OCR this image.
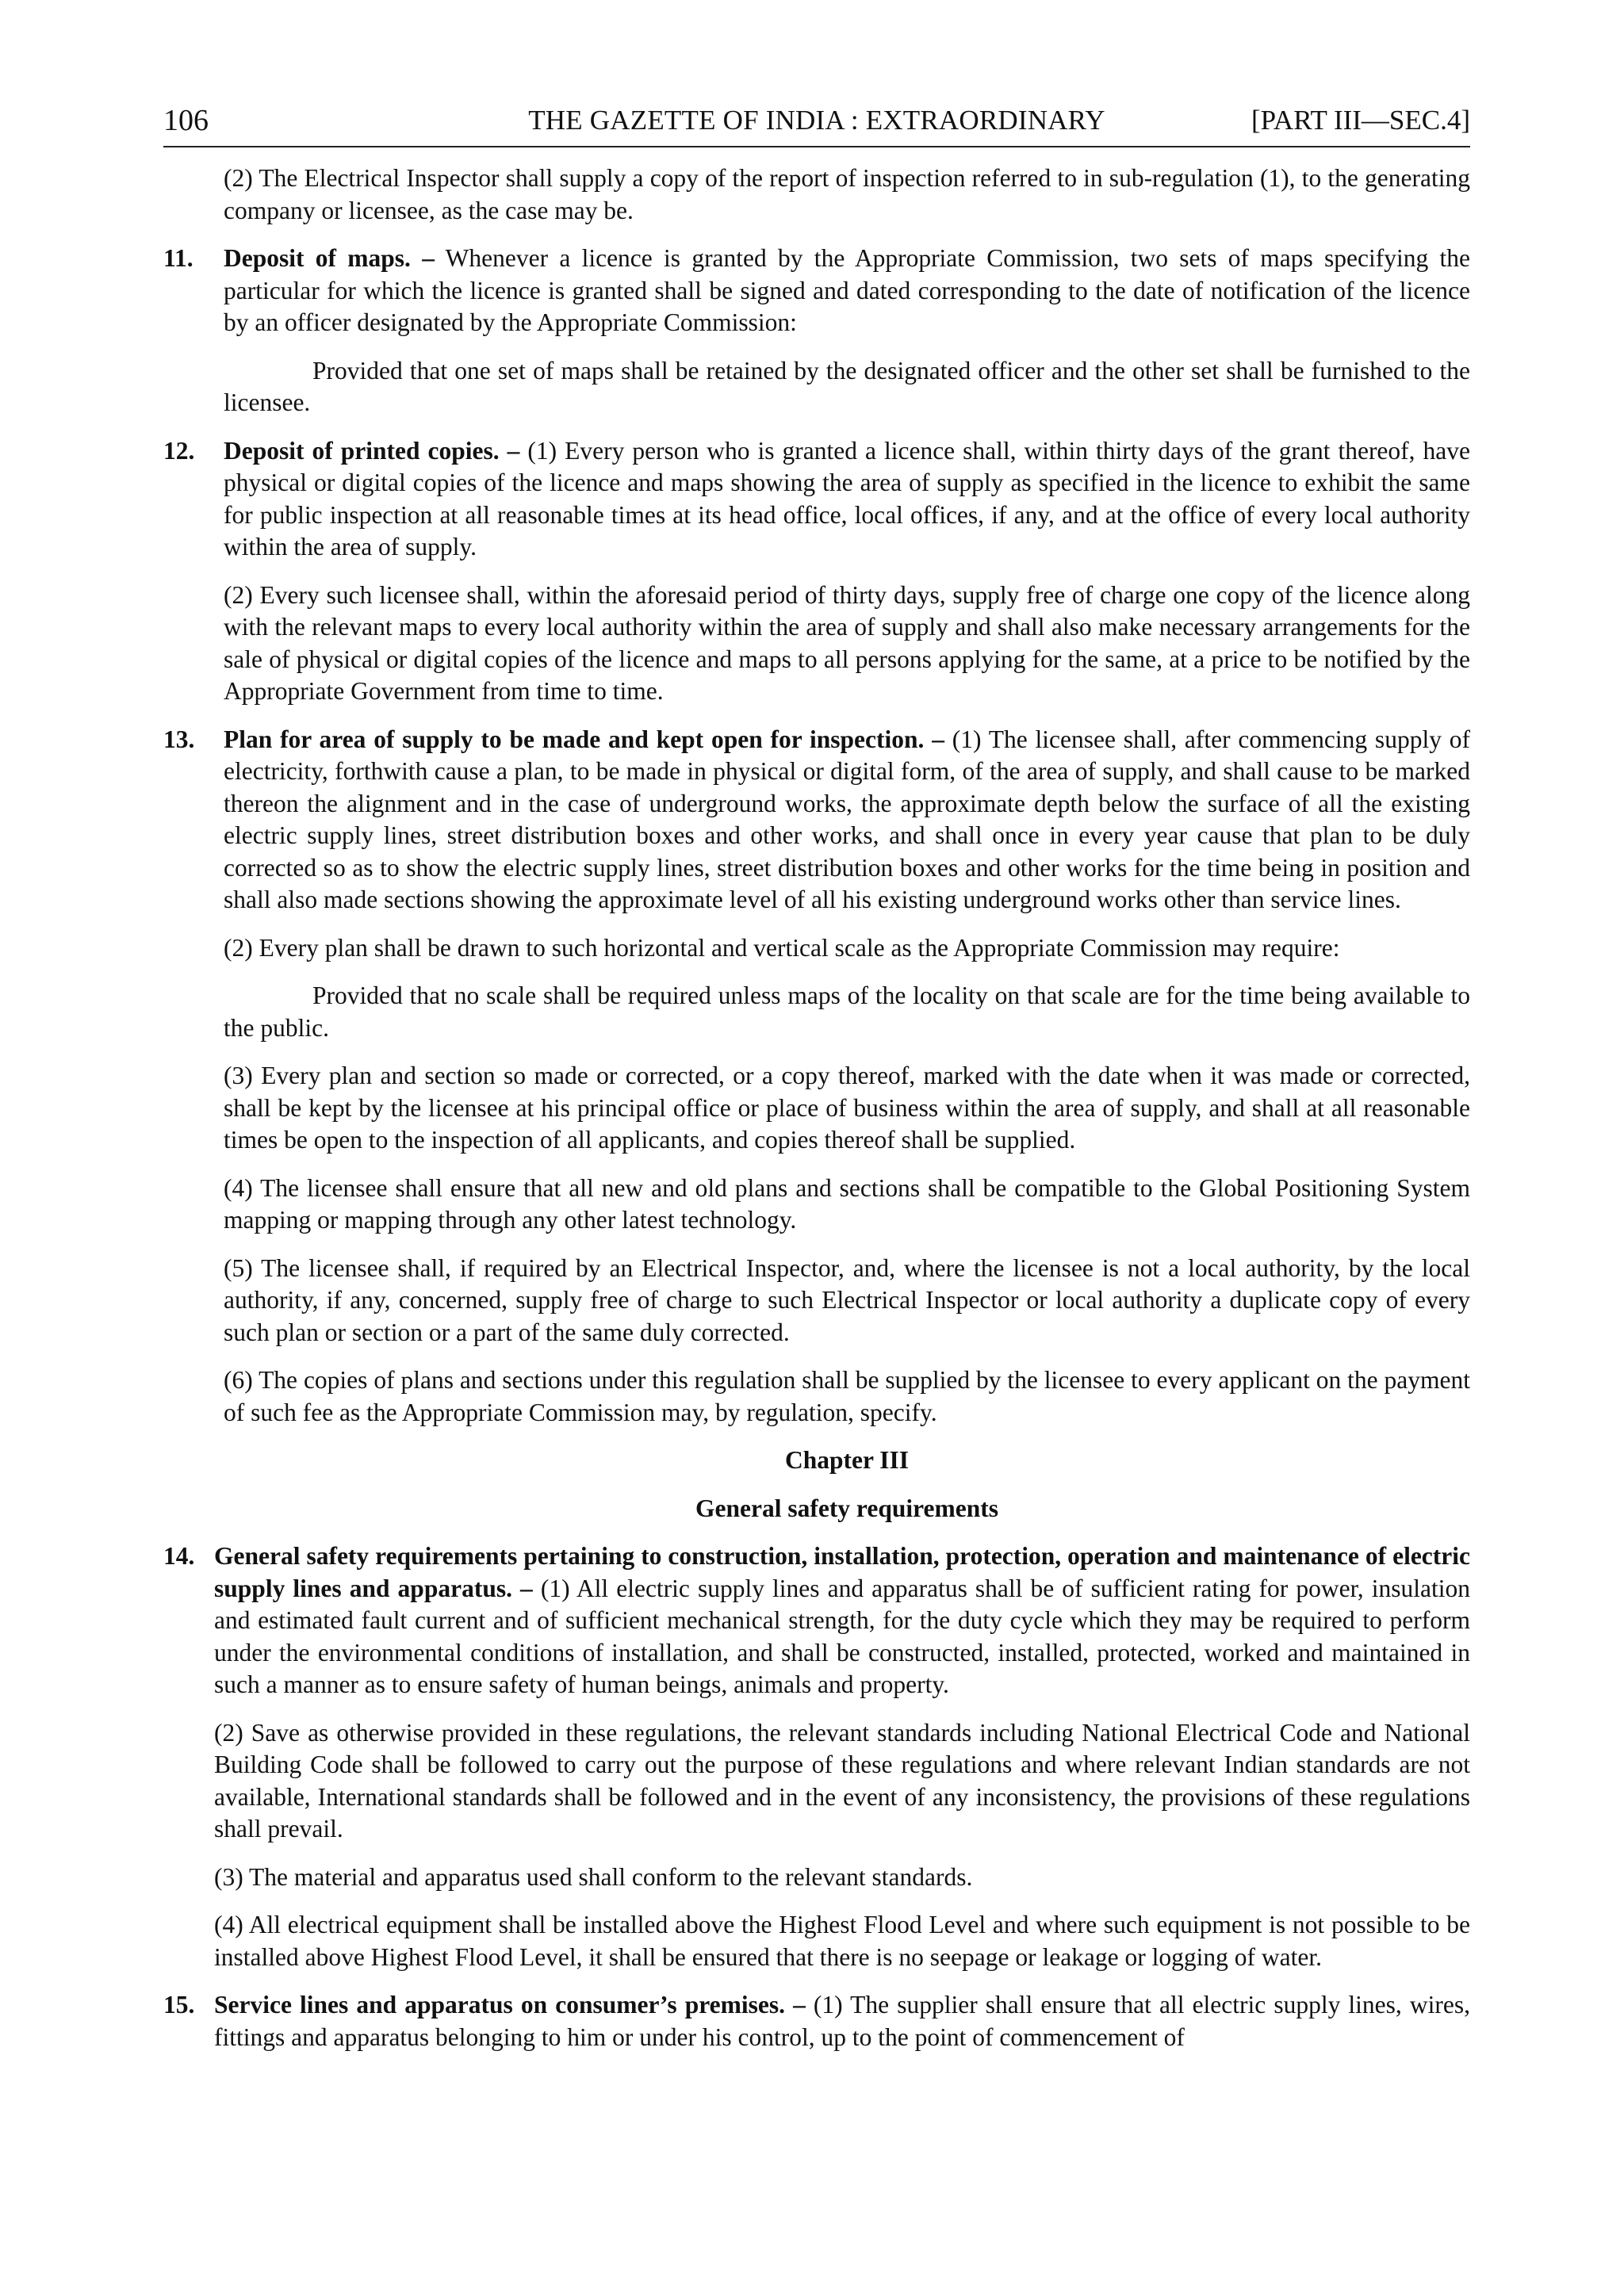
106	THE GAZETTE OF INDIA : EXTRAORDINARY	[PART III—SEC.4]

(2) The Electrical Inspector shall supply a copy of the report of inspection referred to in sub-regulation (1), to the generating company or licensee, as the case may be.

11. Deposit of maps. – Whenever a licence is granted by the Appropriate Commission, two sets of maps specifying the particular for which the licence is granted shall be signed and dated corresponding to the date of notification of the licence by an officer designated by the Appropriate Commission:

Provided that one set of maps shall be retained by the designated officer and the other set shall be furnished to the licensee.

12. Deposit of printed copies. – (1) Every person who is granted a licence shall, within thirty days of the grant thereof, have physical or digital copies of the licence and maps showing the area of supply as specified in the licence to exhibit the same for public inspection at all reasonable times at its head office, local offices, if any, and at the office of every local authority within the area of supply.

(2) Every such licensee shall, within the aforesaid period of thirty days, supply free of charge one copy of the licence along with the relevant maps to every local authority within the area of supply and shall also make necessary arrangements for the sale of physical or digital copies of the licence and maps to all persons applying for the same, at a price to be notified by the Appropriate Government from time to time.

13. Plan for area of supply to be made and kept open for inspection. – (1) The licensee shall, after commencing supply of electricity, forthwith cause a plan, to be made in physical or digital form, of the area of supply, and shall cause to be marked thereon the alignment and in the case of underground works, the approximate depth below the surface of all the existing electric supply lines, street distribution boxes and other works, and shall once in every year cause that plan to be duly corrected so as to show the electric supply lines, street distribution boxes and other works for the time being in position and shall also made sections showing the approximate level of all his existing underground works other than service lines.

(2) Every plan shall be drawn to such horizontal and vertical scale as the Appropriate Commission may require:

Provided that no scale shall be required unless maps of the locality on that scale are for the time being available to the public.

(3) Every plan and section so made or corrected, or a copy thereof, marked with the date when it was made or corrected, shall be kept by the licensee at his principal office or place of business within the area of supply, and shall at all reasonable times be open to the inspection of all applicants, and copies thereof shall be supplied.

(4) The licensee shall ensure that all new and old plans and sections shall be compatible to the Global Positioning System mapping or mapping through any other latest technology.

(5) The licensee shall, if required by an Electrical Inspector, and, where the licensee is not a local authority, by the local authority, if any, concerned, supply free of charge to such Electrical Inspector or local authority a duplicate copy of every such plan or section or a part of the same duly corrected.

(6) The copies of plans and sections under this regulation shall be supplied by the licensee to every applicant on the payment of such fee as the Appropriate Commission may, by regulation, specify.

Chapter III

General safety requirements

14. General safety requirements pertaining to construction, installation, protection, operation and maintenance of electric supply lines and apparatus. – (1) All electric supply lines and apparatus shall be of sufficient rating for power, insulation and estimated fault current and of sufficient mechanical strength, for the duty cycle which they may be required to perform under the environmental conditions of installation, and shall be constructed, installed, protected, worked and maintained in such a manner as to ensure safety of human beings, animals and property.

(2) Save as otherwise provided in these regulations, the relevant standards including National Electrical Code and National Building Code shall be followed to carry out the purpose of these regulations and where relevant Indian standards are not available, International standards shall be followed and in the event of any inconsistency, the provisions of these regulations shall prevail.

(3) The material and apparatus used shall conform to the relevant standards.

(4) All electrical equipment shall be installed above the Highest Flood Level and where such equipment is not possible to be installed above Highest Flood Level, it shall be ensured that there is no seepage or leakage or logging of water.

15. Service lines and apparatus on consumer’s premises. – (1) The supplier shall ensure that all electric supply lines, wires, fittings and apparatus belonging to him or under his control, up to the point of commencement of
